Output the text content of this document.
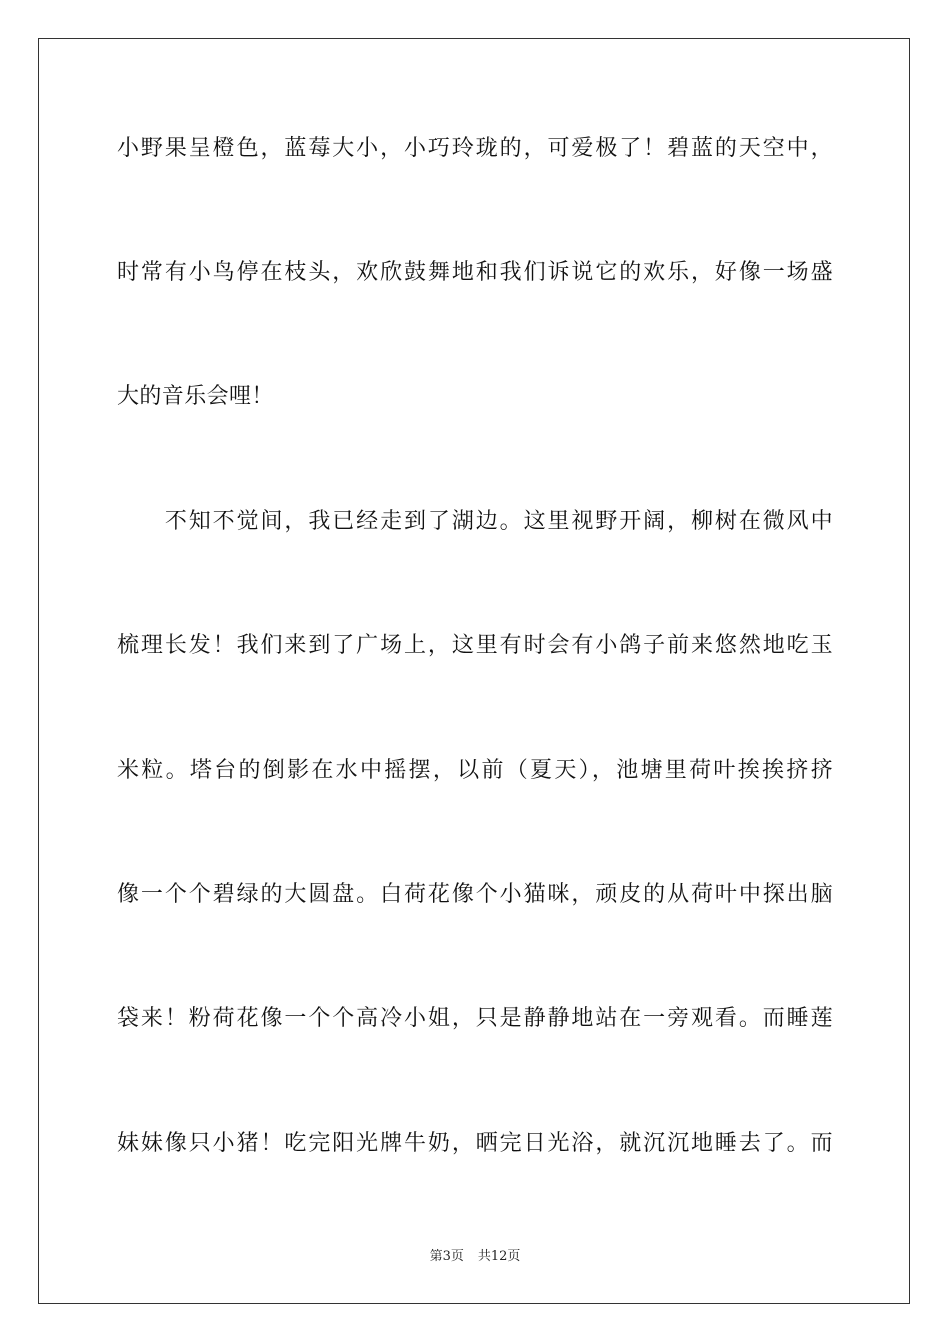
小野果呈橙色，蓝莓大小，小巧玲珑的，可爱极了！碧蓝的天空中，
时常有小鸟停在枝头，欢欣鼓舞地和我们诉说它的欢乐，好像一场盛
大的音乐会哩！
　　不知不觉间，我已经走到了湖边。这里视野开阔，柳树在微风中
梳理长发！我们来到了广场上，这里有时会有小鸽子前来悠然地吃玉
米粒。塔台的倒影在水中摇摆，以前（夏天），池塘里荷叶挨挨挤挤
像一个个碧绿的大圆盘。白荷花像个小猫咪，顽皮的从荷叶中探出脑
袋来！粉荷花像一个个高冷小姐，只是静静地站在一旁观看。而睡莲
妹妹像只小猪！吃完阳光牌牛奶，晒完日光浴，就沉沉地睡去了。而
第3页 共12页
